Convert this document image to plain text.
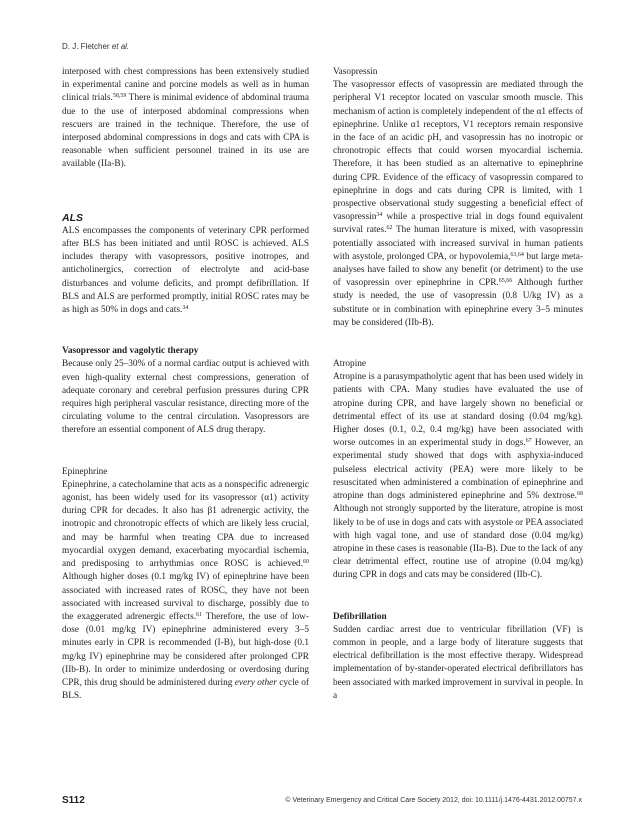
D. J. Fletcher et al.

interposed with chest compressions has been extensively studied in experimental canine and porcine models as well as in human clinical trials.$^{58,59}$ There is minimal evidence of abdominal trauma due to the use of interposed abdominal compressions when rescuers are trained in the technique. Therefore, the use of interposed abdominal compressions in dogs and cats with CPA is reasonable when sufficient personnel trained in its use are available (IIa-B).

ALS

ALS encompasses the components of veterinary CPR performed after BLS has been initiated and until ROSC is achieved. ALS includes therapy with vasopressors, positive inotropes, and anticholinergics, correction of electrolyte and acid-base disturbances and volume deficits, and prompt defibrillation. If BLS and ALS are performed promptly, initial ROSC rates may be as high as 50% in dogs and cats.$^{34}$

Vasopressor and vagolytic therapy

Because only 25–30% of a normal cardiac output is achieved with even high-quality external chest compressions, generation of adequate coronary and cerebral perfusion pressures during CPR requires high peripheral vascular resistance, directing more of the circulating volume to the central circulation. Vasopressors are therefore an essential component of ALS drug therapy.

Epinephrine

Epinephrine, a catecholamine that acts as a nonspecific adrenergic agonist, has been widely used for its vasopressor (α1) activity during CPR for decades. It also has β1 adrenergic activity, the inotropic and chronotropic effects of which are likely less crucial, and may be harmful when treating CPA due to increased myocardial oxygen demand, exacerbating myocardial ischemia, and predisposing to arrhythmias once ROSC is achieved.$^{60}$ Although higher doses (0.1 mg/kg IV) of epinephrine have been associated with increased rates of ROSC, they have not been associated with increased survival to discharge, possibly due to the exaggerated adrenergic effects.$^{61}$ Therefore, the use of low-dose (0.01 mg/kg IV) epinephrine administered every 3–5 minutes early in CPR is recommended (I-B), but high-dose (0.1 mg/kg IV) epinephrine may be considered after prolonged CPR (IIb-B). In order to minimize underdosing or overdosing during CPR, this drug should be administered during every other cycle of BLS.

Vasopressin

The vasopressor effects of vasopressin are mediated through the peripheral V1 receptor located on vascular smooth muscle. This mechanism of action is completely independent of the α1 effects of epinephrine. Unlike α1 receptors, V1 receptors remain responsive in the face of an acidic pH, and vasopressin has no inotropic or chronotropic effects that could worsen myocardial ischemia. Therefore, it has been studied as an alternative to epinephrine during CPR. Evidence of the efficacy of vasopressin compared to epinephrine in dogs and cats during CPR is limited, with 1 prospective observational study suggesting a beneficial effect of vasopressin$^{34}$ while a prospective trial in dogs found equivalent survival rates.$^{62}$ The human literature is mixed, with vasopressin potentially associated with increased survival in human patients with asystole, prolonged CPA, or hypovolemia,$^{63,64}$ but large meta-analyses have failed to show any benefit (or detriment) to the use of vasopressin over epinephrine in CPR.$^{65,66}$ Although further study is needed, the use of vasopressin (0.8 U/kg IV) as a substitute or in combination with epinephrine every 3–5 minutes may be considered (IIb-B).

Atropine

Atropine is a parasympatholytic agent that has been used widely in patients with CPA. Many studies have evaluated the use of atropine during CPR, and have largely shown no beneficial or detrimental effect of its use at standard dosing (0.04 mg/kg). Higher doses (0.1, 0.2, 0.4 mg/kg) have been associated with worse outcomes in an experimental study in dogs.$^{67}$ However, an experimental study showed that dogs with asphyxia-induced pulseless electrical activity (PEA) were more likely to be resuscitated when administered a combination of epinephrine and atropine than dogs administered epinephrine and 5% dextrose.$^{68}$ Although not strongly supported by the literature, atropine is most likely to be of use in dogs and cats with asystole or PEA associated with high vagal tone, and use of standard dose (0.04 mg/kg) atropine in these cases is reasonable (IIa-B). Due to the lack of any clear detrimental effect, routine use of atropine (0.04 mg/kg) during CPR in dogs and cats may be considered (IIb-C).

Defibrillation

Sudden cardiac arrest due to ventricular fibrillation (VF) is common in people, and a large body of literature suggests that electrical defibrillation is the most effective therapy. Widespread implementation of by-stander-operated electrical defibrillators has been associated with marked improvement in survival in people. In a

S112	© Veterinary Emergency and Critical Care Society 2012, doi: 10.1111/j.1476-4431.2012.00757.x
